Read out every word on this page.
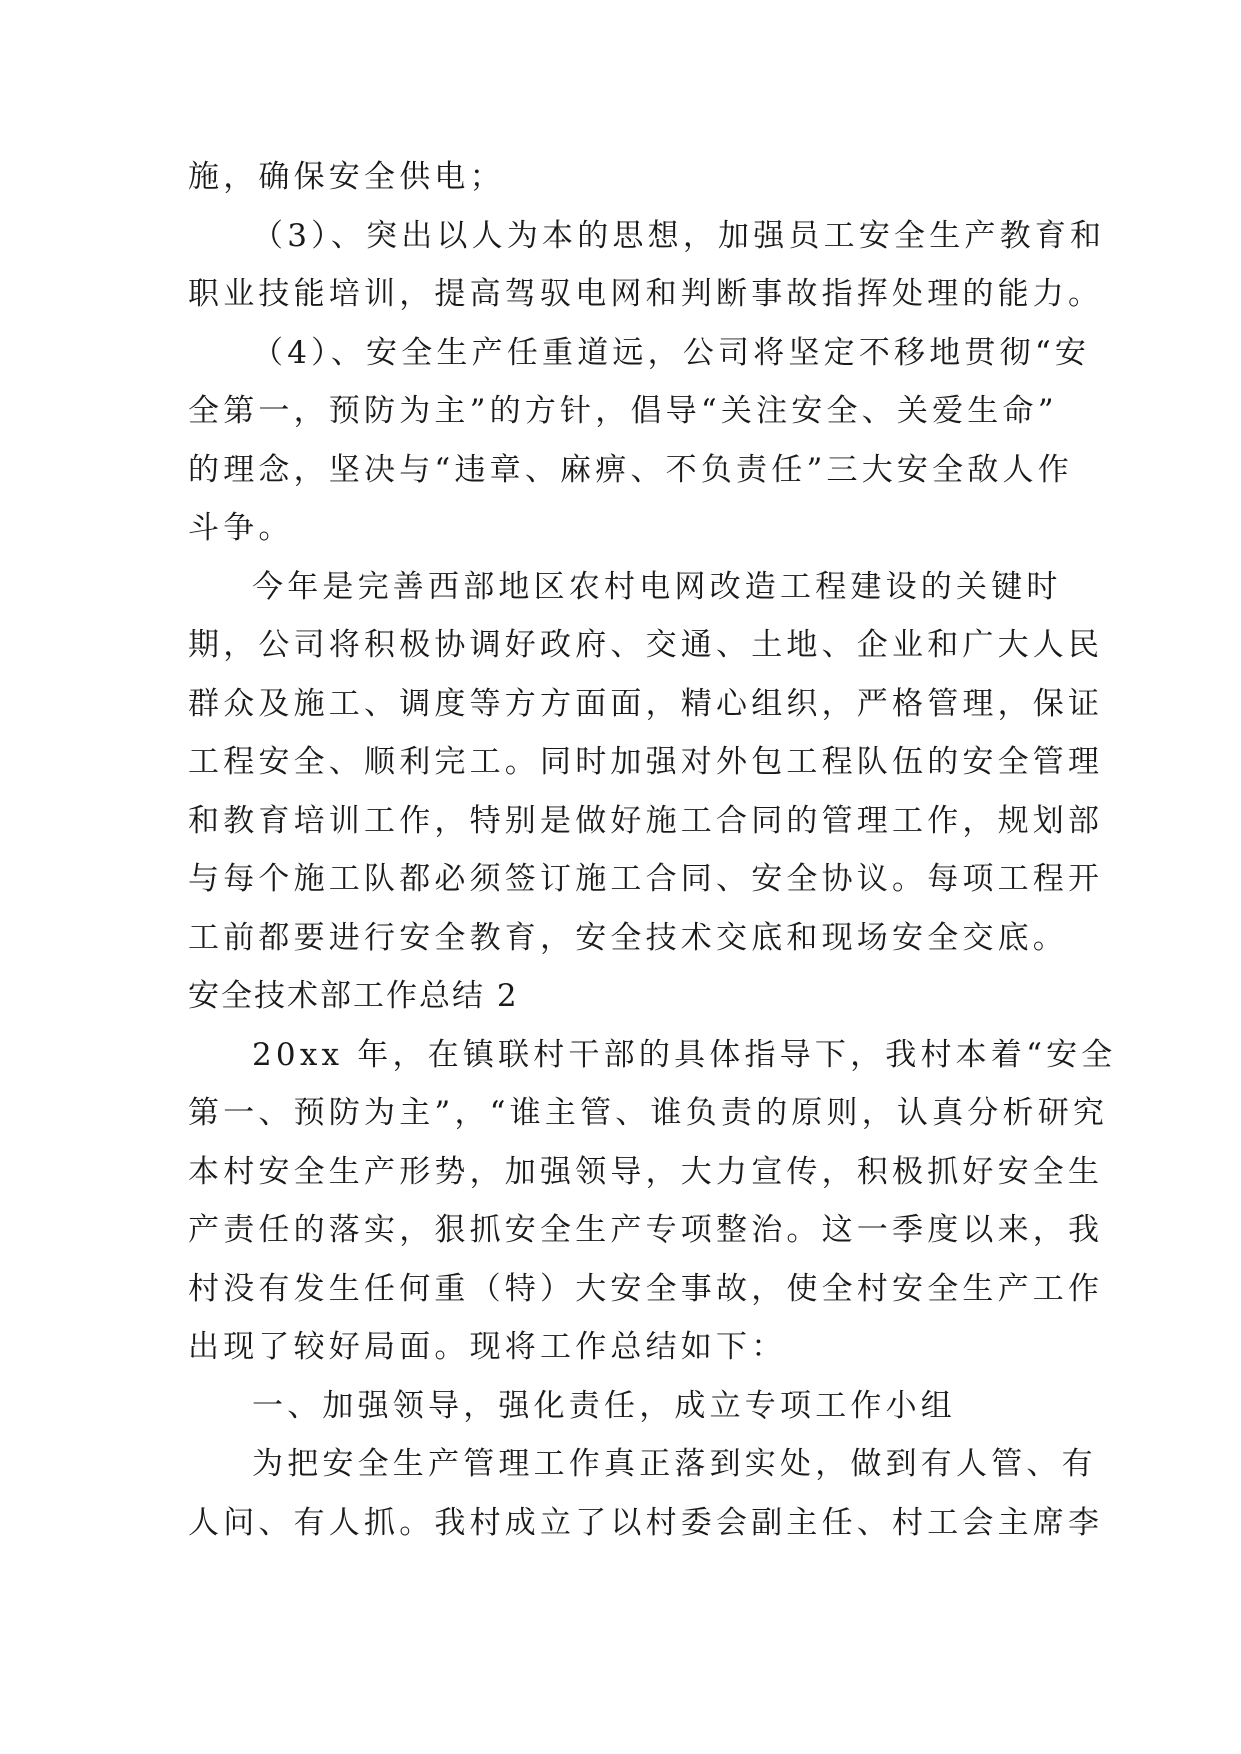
施，确保安全供电；
（3）、突出以人为本的思想，加强员工安全生产教育和
职业技能培训，提高驾驭电网和判断事故指挥处理的能力。
（4）、安全生产任重道远，公司将坚定不移地贯彻“安
全第一，预防为主”的方针，倡导“关注安全、关爱生命”
的理念，坚决与“违章、麻痹、不负责任”三大安全敌人作
斗争。
今年是完善西部地区农村电网改造工程建设的关键时
期，公司将积极协调好政府、交通、土地、企业和广大人民
群众及施工、调度等方方面面，精心组织，严格管理，保证
工程安全、顺利完工。同时加强对外包工程队伍的安全管理
和教育培训工作，特别是做好施工合同的管理工作，规划部
与每个施工队都必须签订施工合同、安全协议。每项工程开
工前都要进行安全教育，安全技术交底和现场安全交底。
安全技术部工作总结 2
20xx 年，在镇联村干部的具体指导下，我村本着“安全
第一、预防为主”，“谁主管、谁负责的原则，认真分析研究
本村安全生产形势，加强领导，大力宣传，积极抓好安全生
产责任的落实，狠抓安全生产专项整治。这一季度以来，我
村没有发生任何重（特）大安全事故，使全村安全生产工作
出现了较好局面。现将工作总结如下：
一、加强领导，强化责任，成立专项工作小组
为把安全生产管理工作真正落到实处，做到有人管、有
人问、有人抓。我村成立了以村委会副主任、村工会主席李
